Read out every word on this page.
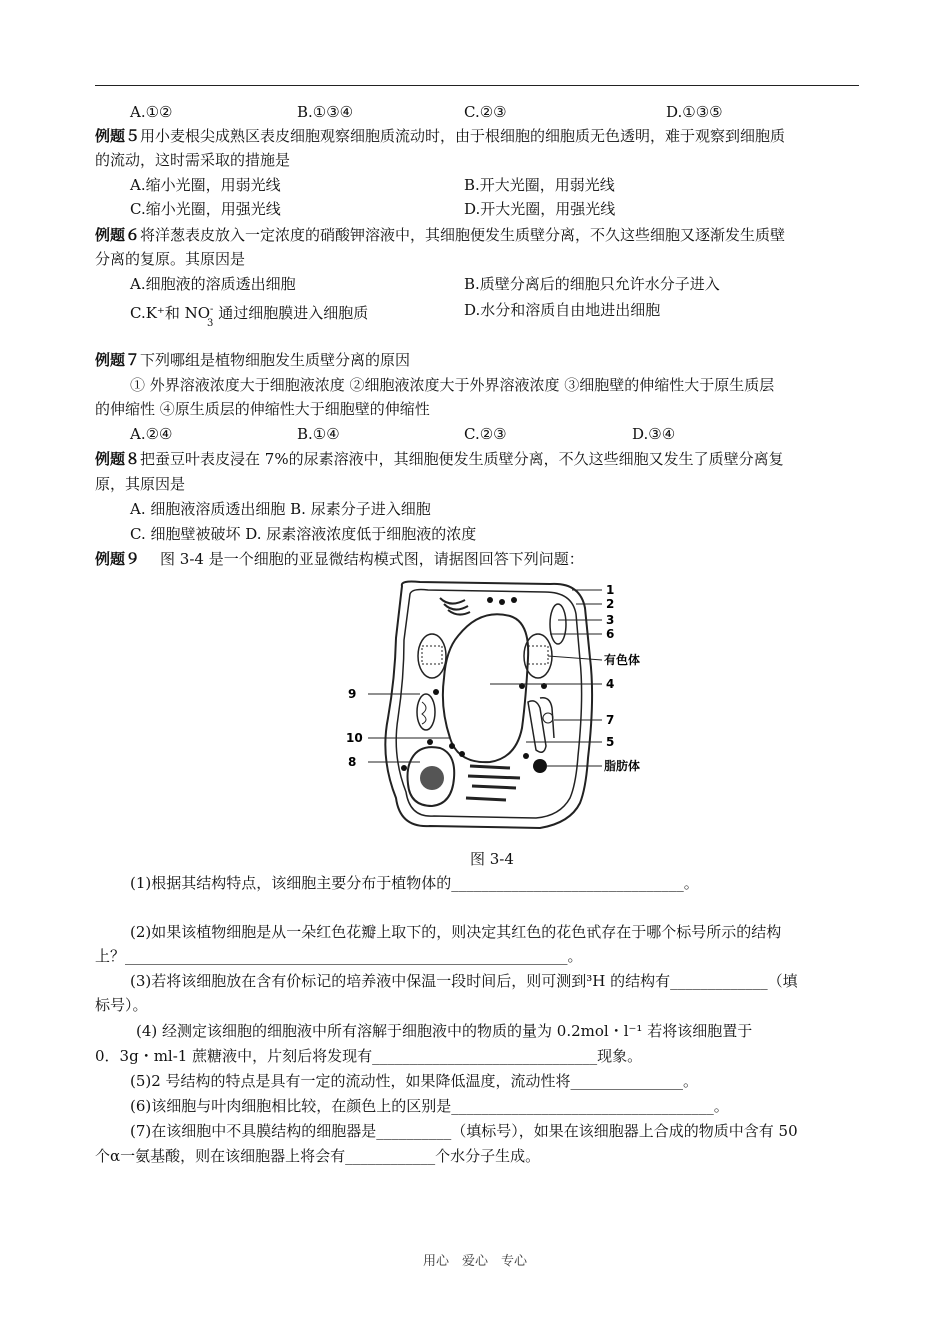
A.①②	B.①③④	C.②③	D.①③⑤
例题５用小麦根尖成熟区表皮细胞观察细胞质流动时，由于根细胞的细胞质无色透明，难于观察到细胞质
的流动，这时需采取的措施是
A.缩小光圈，用弱光线	B.开大光圈，用弱光线
C.缩小光圈，用强光线	D.开大光圈，用强光线
例题６将洋葱表皮放入一定浓度的硝酸钾溶液中，其细胞便发生质壁分离，不久这些细胞又逐渐发生质壁
分离的复原。其原因是
A.细胞液的溶质透出细胞	B.质壁分离后的细胞只允许水分子进入
C.K⁺和 NO- 通过细胞膜进入细胞质
3
D.水分和溶质自由地进出细胞
例题７下列哪组是植物细胞发生质壁分离的原因
① 外界溶液浓度大于细胞液浓度 ②细胞液浓度大于外界溶液浓度 ③细胞壁的伸缩性大于原生质层
的伸缩性 ④原生质层的伸缩性大于细胞壁的伸缩性
A.②④	B.①④	C.②③	D.③④
例题８把蚕豆叶表皮浸在 7%的尿素溶液中，其细胞便发生质壁分离，不久这些细胞又发生了质壁分离复
原，其原因是
A. 细胞液溶质透出细胞 B. 尿素分子进入细胞
C. 细胞壁被破坏 D. 尿素溶液浓度低于细胞液的浓度
例题９ 图 3-4 是一个细胞的亚显微结构模式图，请据图回答下列问题：
1
2
3
6
有色体
4
9
7
10	5
8	脂肪体
图 3-4
(1)根据其结构特点，该细胞主要分布于植物体的_______________________________。
(2)如果该植物细胞是从一朵红色花瓣上取下的，则决定其红色的花色甙存在于哪个标号所示的结构
上？___________________________________________________________。
(3)若将该细胞放在含有价标记的培养液中保温一段时间后，则可测到³H 的结构有_____________（填
标号）。
(4) 经测定该细胞的细胞液中所有溶解于细胞液中的物质的量为 0.2mol・l⁻¹ 若将该细胞置于
0．3g・ml-1 蔗糖液中，片刻后将发现有______________________________现象。
(5)2 号结构的特点是具有一定的流动性，如果降低温度，流动性将_______________。
(6)该细胞与叶肉细胞相比较，在颜色上的区别是___________________________________。
(7)在该细胞中不具膜结构的细胞器是__________（填标号），如果在该细胞器上合成的物质中含有 50
个α一氨基酸，则在该细胞器上将会有____________个水分子生成。
用心　爱心　专心
